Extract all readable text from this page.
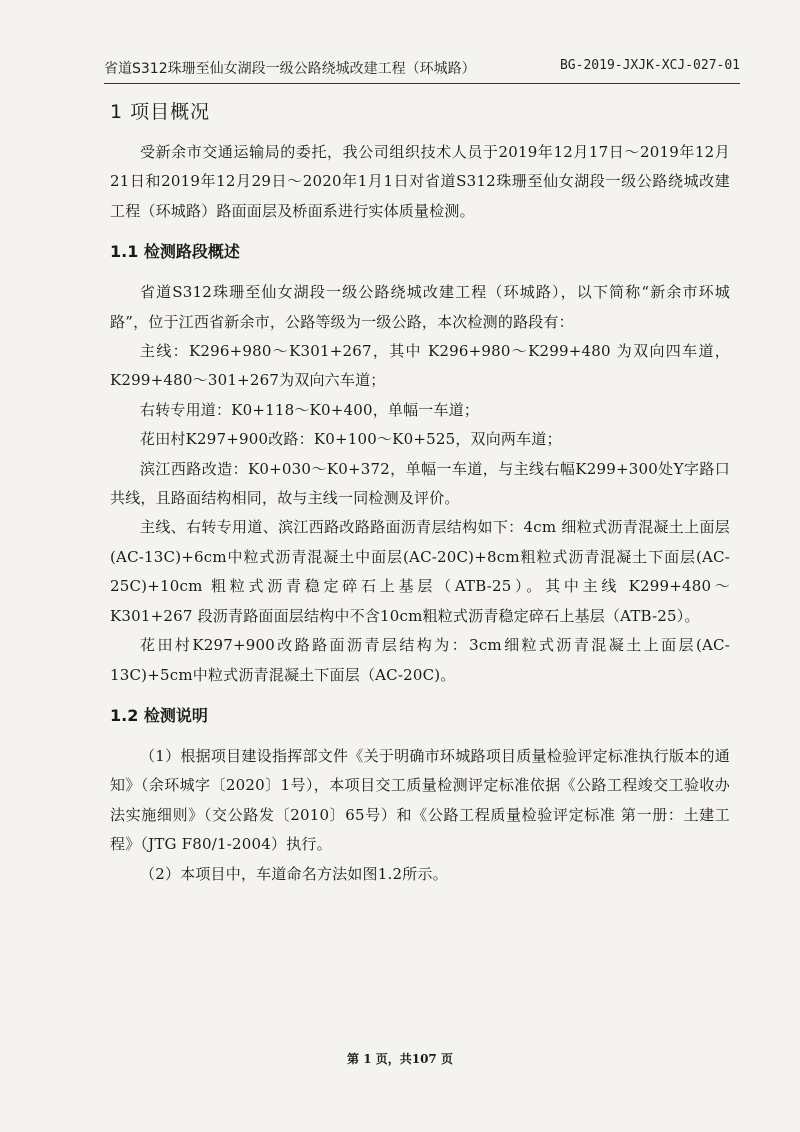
省道S312珠珊至仙女湖段一级公路绕城改建工程（环城路）	BG-2019-JXJK-XCJ-027-01
1 项目概况

受新余市交通运输局的委托，我公司组织技术人员于2019年12月17日～2019年12月21日和2019年12月29日～2020年1月1日对省道S312珠珊至仙女湖段一级公路绕城改建工程（环城路）路面面层及桥面系进行实体质量检测。

1.1 检测路段概述

省道S312珠珊至仙女湖段一级公路绕城改建工程（环城路），以下简称“新余市环城路”，位于江西省新余市，公路等级为一级公路，本次检测的路段有：

主线：K296+980～K301+267，其中 K296+980～K299+480 为双向四车道，K299+480～301+267为双向六车道；

右转专用道：K0+118～K0+400，单幅一车道；

花田村K297+900改路：K0+100～K0+525，双向两车道；

滨江西路改造：K0+030～K0+372，单幅一车道，与主线右幅K299+300处Y字路口共线，且路面结构相同，故与主线一同检测及评价。

主线、右转专用道、滨江西路改路路面沥青层结构如下：4cm 细粒式沥青混凝土上面层(AC-13C)+6cm中粒式沥青混凝土中面层(AC-20C)+8cm粗粒式沥青混凝土下面层(AC-25C)+10cm 粗粒式沥青稳定碎石上基层（ATB-25）。其中主线 K299+480～K301+267 段沥青路面面层结构中不含10cm粗粒式沥青稳定碎石上基层（ATB-25）。

花田村K297+900改路路面沥青层结构为：3cm细粒式沥青混凝土上面层(AC-13C)+5cm中粒式沥青混凝土下面层（AC-20C)。

1.2 检测说明

（1）根据项目建设指挥部文件《关于明确市环城路项目质量检验评定标准执行版本的通知》（余环城字〔2020〕1号），本项目交工质量检测评定标准依据《公路工程竣交工验收办法实施细则》（交公路发〔2010〕65号）和《公路工程质量检验评定标准 第一册：土建工程》（JTG F80/1-2004）执行。

（2）本项目中，车道命名方法如图1.2所示。

第 1 页，共107 页
